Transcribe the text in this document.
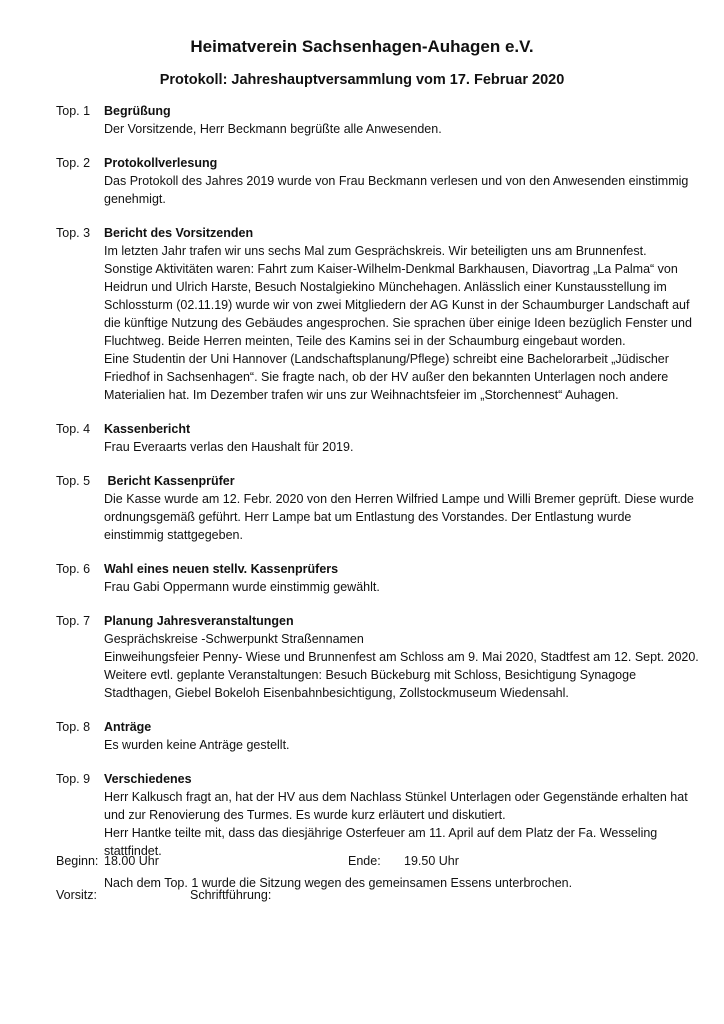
Heimatverein Sachsenhagen-Auhagen e.V.
Protokoll: Jahreshauptversammlung vom 17. Februar 2020
Top. 1	Begrüßung
Der Vorsitzende, Herr Beckmann begrüßte alle Anwesenden.
Top. 2	Protokollverlesung
Das Protokoll des Jahres 2019 wurde von Frau Beckmann verlesen und von den Anwesenden einstimmig
genehmigt.
Top. 3	Bericht des Vorsitzenden
Im letzten Jahr trafen wir uns sechs Mal zum Gesprächskreis. Wir beteiligten uns am Brunnenfest.
Sonstige Aktivitäten waren: Fahrt zum Kaiser-Wilhelm-Denkmal Barkhausen, Diavortrag „La Palma“ von
Heidrun und Ulrich Harste, Besuch Nostalgiekino Münchehagen. Anlässlich einer Kunstausstellung im
Schlossturm (02.11.19) wurde wir von zwei Mitgliedern der AG Kunst in der Schaumburger Landschaft auf
die künftige Nutzung des Gebäudes angesprochen. Sie sprachen über einige Ideen bezüglich Fenster und
Fluchtweg. Beide Herren meinten, Teile des Kamins sei in der Schaumburg eingebaut worden.
Eine Studentin der Uni Hannover (Landschaftsplanung/Pflege) schreibt eine Bachelorarbeit „Jüdischer
Friedhof in Sachsenhagen“. Sie fragte nach, ob der HV außer den bekannten Unterlagen noch andere
Materialien hat. Im Dezember trafen wir uns zur Weihnachtsfeier im „Storchennest“ Auhagen.
Top. 4	Kassenbericht
Frau Everaarts verlas den Haushalt für 2019.
Top. 5	Bericht Kassenprüfer
Die Kasse wurde am 12. Febr. 2020 von den Herren Wilfried Lampe und Willi Bremer geprüft. Diese wurde
ordnungsgemäß geführt. Herr Lampe bat um Entlastung des Vorstandes. Der Entlastung wurde
einstimmig stattgegeben.
Top. 6	Wahl eines neuen stellv. Kassenprüfers
Frau Gabi Oppermann wurde einstimmig gewählt.
Top. 7	Planung Jahresveranstaltungen
Gesprächskreise -Schwerpunkt Straßennamen
Einweihungsfeier Penny- Wiese und Brunnenfest am Schloss am 9. Mai 2020, Stadtfest am 12. Sept. 2020.
Weitere evtl. geplante Veranstaltungen: Besuch Bückeburg mit Schloss, Besichtigung Synagoge
Stadthagen, Giebel Bokeloh Eisenbahnbesichtigung, Zollstockmuseum Wiedensahl.
Top. 8	Anträge
Es wurden keine Anträge gestellt.
Top. 9	Verschiedenes
Herr Kalkusch fragt an, hat der HV aus dem Nachlass Stünkel Unterlagen oder Gegenstände erhalten hat
und zur Renovierung des Turmes. Es wurde kurz erläutert und diskutiert.
Herr Hantke teilte mit, dass das diesjährige Osterfeuer am 11. April auf dem Platz der Fa. Wesseling
stattfindet.
Nach dem Top. 1 wurde die Sitzung wegen des gemeinsamen Essens unterbrochen.
Beginn: 18.00 Uhr	Ende: 19.50 Uhr
Vorsitz:	Schriftführung:
